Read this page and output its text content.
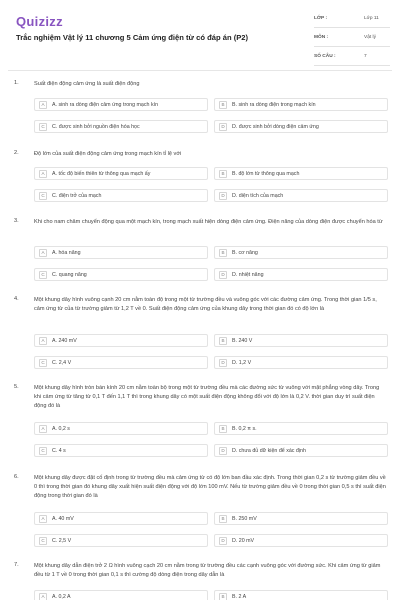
Quizizz
Trắc nghiệm Vật lý 11 chương 5 Cảm ứng điện từ có đáp án (P2)
LỚP :	Lớp 11
MÔN :	Vật lý
SỐ CÂU :	7
1.	Suất điện động cảm ứng là suất điện động
A	A. sinh ra dòng điện cảm ứng trong mạch kín	B	B. sinh ra dòng điện trong mạch kín
C	C. được sinh bởi nguồn điện hóa học	D	D. được sinh bởi dòng điện cảm ứng
2.	Độ lớn của suất điện động cảm ứng trong mạch kín tỉ lệ với
A	A. tốc độ biến thiên từ thông qua mạch ấy	B	B. độ lớn từ thông qua mạch
C	C. điện trở của mạch	D	D. diện tích của mạch
3.	Khi cho nam châm chuyển động qua một mạch kín, trong mạch xuất hiện dòng điện cảm ứng. Điện năng của dòng điện được chuyển hóa từ
A	A. hóa năng	B	B. cơ năng
C	C. quang năng	D	D. nhiệt năng
4.	Một khung dây hình vuông cạnh 20 cm nằm toàn độ trong một từ trường đều và vuông góc với các đường cảm ứng. Trong thời gian 1/5 s, cảm ứng từ của từ trường giảm từ 1,2 T về 0. Suất điện động cảm ứng của khung dây trong thời gian đó có độ lớn là
A	A. 240 mV	B	B. 240 V
C	C. 2,4 V	D	D. 1,2 V
5.	Một khung dây hình tròn bán kính 20 cm nằm toàn bộ trong một từ trường đều mà các đường sức từ vuông với mặt phẳng vòng dây. Trong khi cảm ứng từ tăng từ 0,1 T đến 1,1 T thì trong khung dây có một suất điện động không đổi với độ lớn là 0,2 V. thời gian duy trì suất điện động đó là
A	A. 0,2 s	B	B. 0,2 π s.
C	C. 4 s	D	D. chưa đủ dữ kiện để xác định
6.	Một khung dây được đặt cố định trong từ trường đều mà cảm ứng từ có độ lớn ban đầu xác định. Trong thời gian 0,2 s từ trường giảm đều về 0 thì trong thời gian đó khung dây xuất hiện suất điện động với độ lớn 100 mV. Nếu từ trường giảm đều về 0 trong thời gian 0,5 s thì suất điện động trong thời gian đó là
A	A. 40 mV	B	B. 250 mV
C	C. 2,5 V	D	D. 20 mV
7.	Một khung dây dẫn điện trở 2 Ω hình vuông cạch 20 cm nằm trong từ trường đều các cạnh vuông góc với đường sức. Khi cảm ứng từ giảm đều từ 1 T về 0 trong thời gian 0,1 s thì cường độ dòng điện trong dây dẫn là
A	A. 0,2 A	B	B. 2 A
